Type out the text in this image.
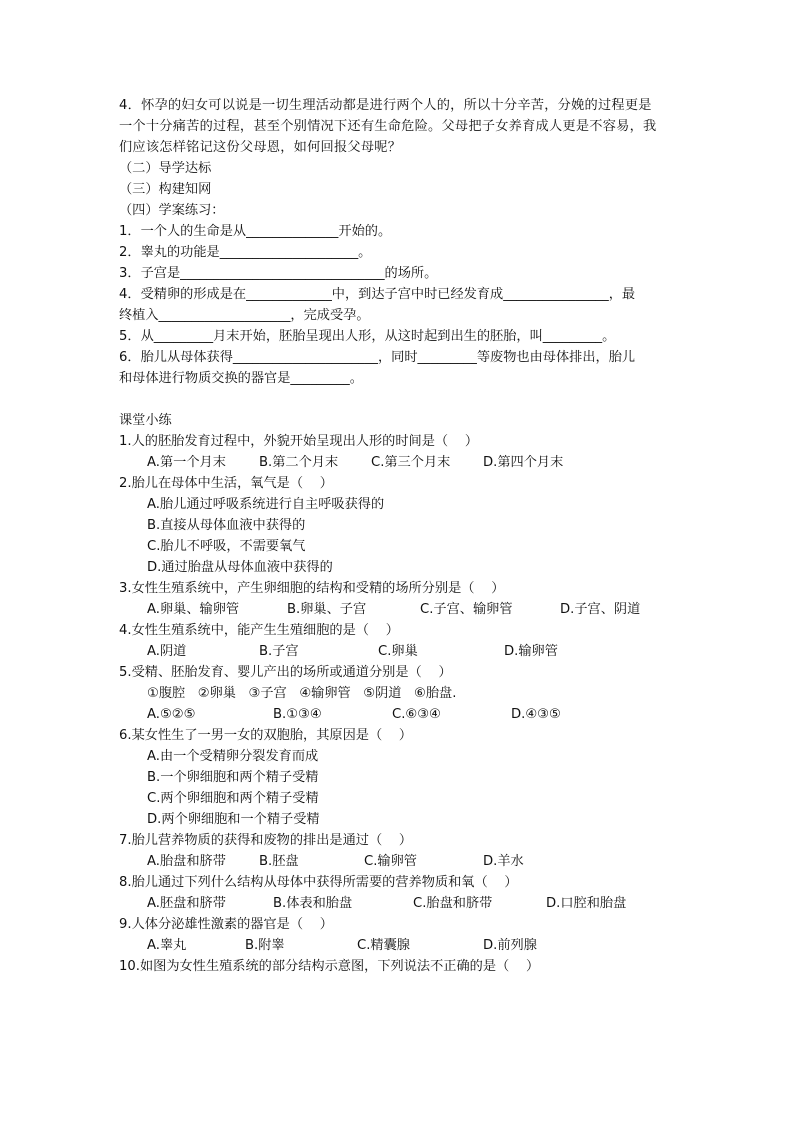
4．怀孕的妇女可以说是一切生理活动都是进行两个人的，所以十分辛苦，分娩的过程更是
一个十分痛苦的过程，甚至个别情况下还有生命危险。父母把子女养育成人更是不容易，我
们应该怎样铭记这份父母恩，如何回报父母呢？
（二）导学达标
（三）构建知网
（四）学案练习：
1．一个人的生命是从______________开始的。
2．睾丸的功能是_____________________。
3．子宫是_______________________________的场所。
4．受精卵的形成是在_____________中，到达子宫中时已经发育成________________，最
终植入____________________，完成受孕。
5．从_________月末开始，胚胎呈现出人形，从这时起到出生的胚胎，叫_________。
6．胎儿从母体获得______________________，同时_________等废物也由母体排出，胎儿
和母体进行物质交换的器官是_________。
课堂小练
1.人的胚胎发育过程中，外貌开始呈现出人形的时间是（    ）
A.第一个月末	B.第二个月末 C.第三个月末 D.第四个月末
2.胎儿在母体中生活，氧气是（    ）
A.胎儿通过呼吸系统进行自主呼吸获得的
B.直接从母体血液中获得的
C.胎儿不呼吸，不需要氧气
D.通过胎盘从母体血液中获得的
3.女性生殖系统中，产生卵细胞的结构和受精的场所分别是（    ）
A.卵巢、输卵管	B.卵巢、子宫	C.子宫、输卵管	D.子宫、阴道
4.女性生殖系统中，能产生生殖细胞的是（    ）
A.阴道	B.子宫	C.卵巢	D.输卵管
5.受精、胚胎发育、婴儿产出的场所或通道分别是（    ）
①腹腔   ②卵巢   ③子宫   ④输卵管   ⑤阴道   ⑥胎盘.
A.⑤②⑤	B.①③④	C.⑥③④	D.④③⑤
6.某女性生了一男一女的双胞胎，其原因是（    ）
A.由一个受精卵分裂发育而成
B.一个卵细胞和两个精子受精
C.两个卵细胞和两个精子受精
D.两个卵细胞和一个精子受精
7.胎儿营养物质的获得和废物的排出是通过（    ）
A.胎盘和脐带	B.胚盘	C.输卵管	D.羊水
8.胎儿通过下列什么结构从母体中获得所需要的营养物质和氧（    ）
A.胚盘和脐带	B.体表和胎盘	C.胎盘和脐带	D.口腔和胎盘
9.人体分泌雄性激素的器官是（    ）
A.睾丸	B.附睾	C.精囊腺	D.前列腺
10.如图为女性生殖系统的部分结构示意图，下列说法不正确的是（    ）
